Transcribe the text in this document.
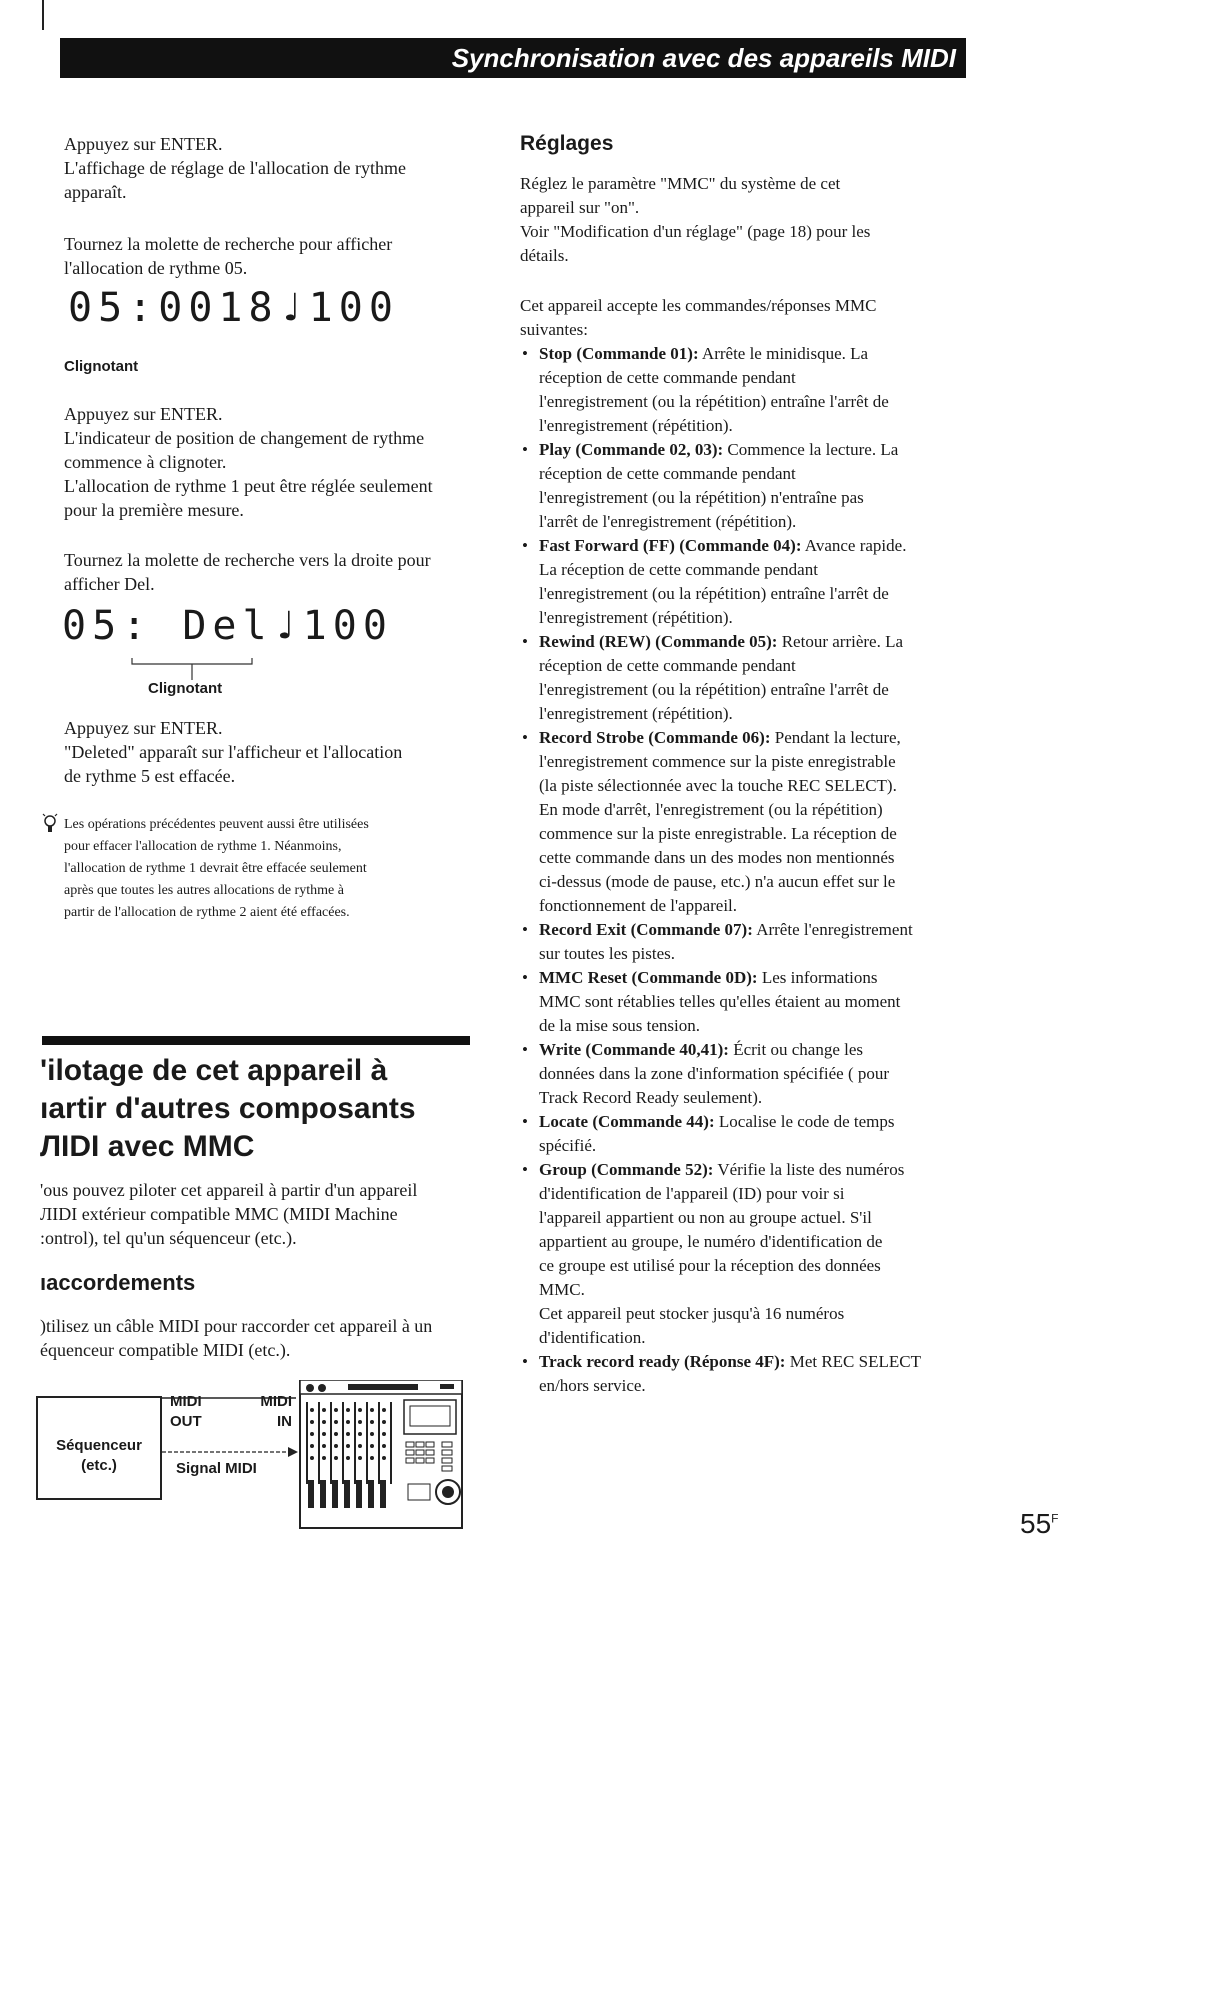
Synchronisation avec des appareils MIDI

Appuyez sur ENTER.

L'affichage de réglage de l'allocation de rythme

apparaît.

Tournez la molette de recherche pour afficher

l'allocation de rythme 05.

05:0018♩100
Clignotant

Appuyez sur ENTER.

L'indicateur de position de changement de rythme

commence à clignoter.

L'allocation de rythme 1 peut être réglée seulement

pour la première mesure.

Tournez la molette de recherche vers la droite pour

afficher Del.

05: Del♩100
Clignotant

Appuyez sur ENTER.

"Deleted" apparaît sur l'afficheur et l'allocation

de rythme 5 est effacée.

Les opérations précédentes peuvent aussi être utilisées
pour effacer l'allocation de rythme 1. Néanmoins,
l'allocation de rythme 1 devrait être effacée seulement
après que toutes les autres allocations de rythme à
partir de l'allocation de rythme 2 aient été effacées.
'ilotage de cet appareil à
ıartir d'autres composants
ЛIDI avec MMC

'ous pouvez piloter cet appareil à partir d'un appareil

ЛIDI extérieur compatible MMC (MIDI Machine

:ontrol), tel qu'un séquenceur (etc.).

ıaccordements

)tilisez un câble MIDI pour raccorder cet appareil à un

équenceur compatible MIDI (etc.).

Séquenceur
(etc.)
MIDI
OUT
MIDI
IN
Signal MIDI
Réglages

Réglez le paramètre "MMC" du système de cet

appareil sur "on".

Voir "Modification d'un réglage" (page 18) pour les

détails.

Cet appareil accepte les commandes/réponses MMC

suivantes:

• Stop (Commande 01): Arrête le minidisque. La
réception de cette commande pendant
l'enregistrement (ou la répétition) entraîne l'arrêt de
l'enregistrement (répétition).
• Play (Commande 02, 03): Commence la lecture. La
réception de cette commande pendant
l'enregistrement (ou la répétition) n'entraîne pas
l'arrêt de l'enregistrement (répétition).
• Fast Forward (FF) (Commande 04): Avance rapide.
La réception de cette commande pendant
l'enregistrement (ou la répétition) entraîne l'arrêt de
l'enregistrement (répétition).
• Rewind (REW) (Commande 05): Retour arrière. La
réception de cette commande pendant
l'enregistrement (ou la répétition) entraîne l'arrêt de
l'enregistrement (répétition).
• Record Strobe (Commande 06): Pendant la lecture,
l'enregistrement commence sur la piste enregistrable
(la piste sélectionnée avec la touche REC SELECT).
En mode d'arrêt, l'enregistrement (ou la répétition)
commence sur la piste enregistrable. La réception de
cette commande dans un des modes non mentionnés
ci-dessus (mode de pause, etc.) n'a aucun effet sur le
fonctionnement de l'appareil.
• Record Exit (Commande 07): Arrête l'enregistrement
sur toutes les pistes.
• MMC Reset (Commande 0D): Les informations
MMC sont rétablies telles qu'elles étaient au moment
de la mise sous tension.
• Write (Commande 40,41): Écrit ou change les
données dans la zone d'information spécifiée ( pour
Track Record Ready seulement).
• Locate (Commande 44): Localise le code de temps
spécifié.
• Group (Commande 52): Vérifie la liste des numéros
d'identification de l'appareil (ID) pour voir si
l'appareil appartient ou non au groupe actuel. S'il
appartient au groupe, le numéro d'identification de
ce groupe est utilisé pour la réception des données
MMC.
Cet appareil peut stocker jusqu'à 16 numéros
d'identification.
• Track record ready (Réponse 4F): Met REC SELECT
en/hors service.
$55^F$
